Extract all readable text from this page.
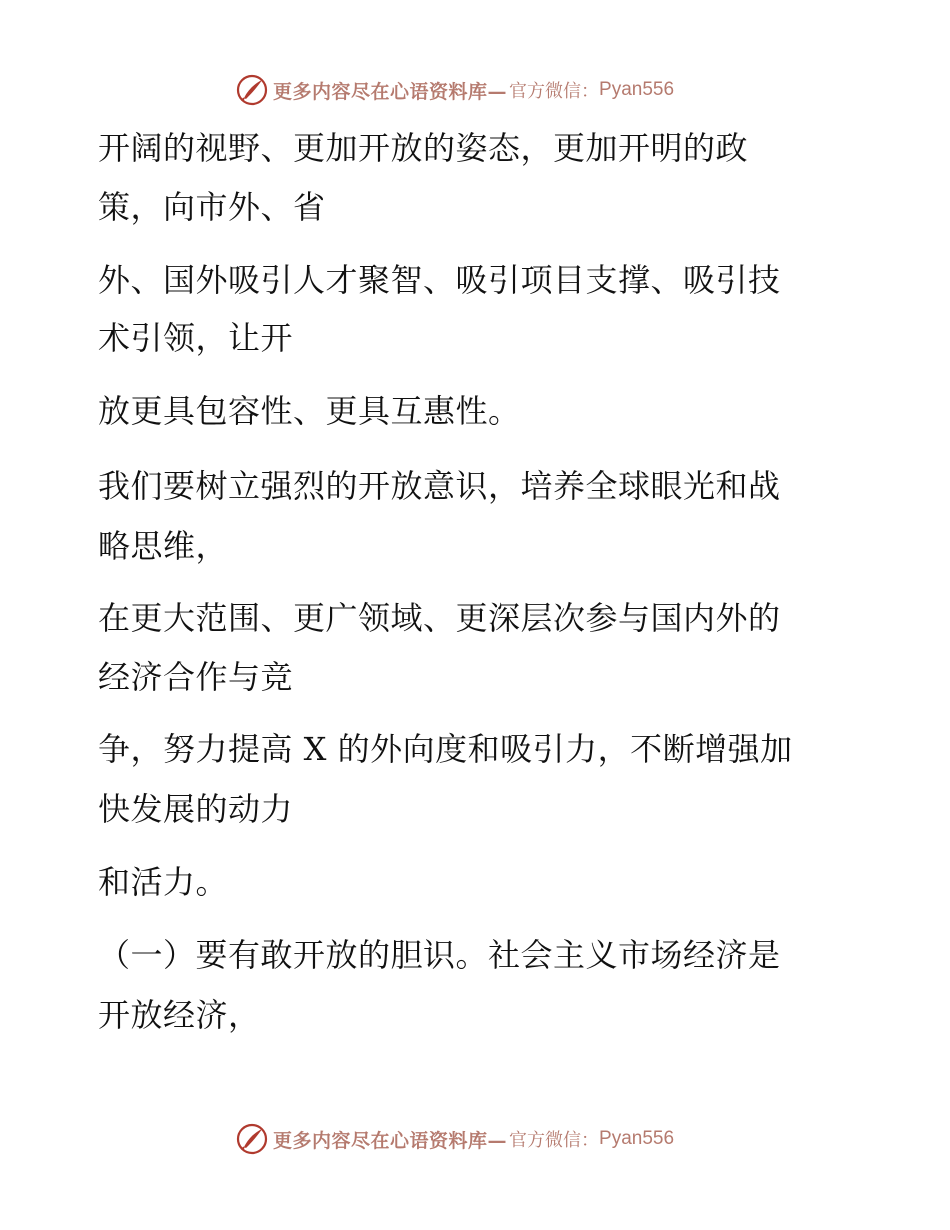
更多内容尽在心语资料库— 官方微信： Pyan556
开阔的视野、更加开放的姿态，更加开明的政
策，向市外、省
外、国外吸引人才聚智、吸引项目支撑、吸引技
术引领，让开
放更具包容性、更具互惠性。
我们要树立强烈的开放意识，培养全球眼光和战
略思维，
在更大范围、更广领域、更深层次参与国内外的
经济合作与竞
争，努力提高 X 的外向度和吸引力，不断增强加
快发展的动力
和活力。
（一）要有敢开放的胆识。社会主义市场经济是
开放经济，
更多内容尽在心语资料库— 官方微信： Pyan556
